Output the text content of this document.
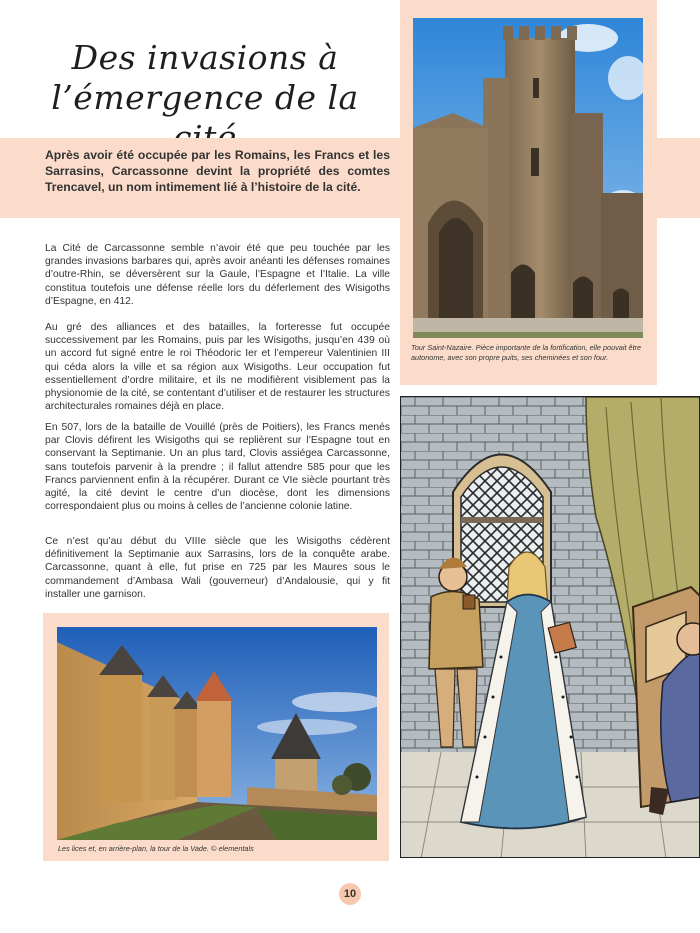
Des invasions à
l’émergence de la
Après avoir été occupée par les Romains, les Francs et les Sarrasins, Carcassonne devint la propriété des comtes Trencavel, un nom intimement lié à l’histoire de la cité.
Tour Saint-Nazaire. Pièce importante de la fortification, elle pouvait être autonome, avec son propre puits, ses cheminées et son four.
La Cité de Carcassonne semble n’avoir été que peu touchée par les grandes invasions barbares qui, après avoir anéanti les défenses romaines d’outre-Rhin, se déversèrent sur la Gaule, l’Espagne et l’Italie. La ville constitua toutefois une défense réelle lors du déferlement des Wisigoths d’Espagne, en 412.
Au gré des alliances et des batailles, la forteresse fut occupée successivement par les Romains, puis par les Wisigoths, jusqu’en 439 où un accord fut signé entre le roi Théodoric Ier et l’empereur Valentinien III qui céda alors la ville et sa région aux Wisigoths. Leur occupation fut essentiellement d’ordre militaire, et ils ne modifièrent visiblement pas la physionomie de la cité, se contentant d’utiliser et de restaurer les structures architecturales romaines déjà en place.
En 507, lors de la bataille de Vouillé (près de Poitiers), les Francs menés par Clovis défirent les Wisigoths qui se replièrent sur l’Espagne tout en conservant la Septimanie. Un an plus tard, Clovis assiégea Carcassonne, sans toutefois parvenir à la prendre ; il fallut attendre 585 pour que les Francs parviennent enfin à la récupérer. Durant ce VIe siècle pourtant très agité, la cité devint le centre d’un diocèse, dont les dimensions correspondaient plus ou moins à celles de l’ancienne colonie latine.
Ce n’est qu’au début du VIIIe siècle que les Wisigoths cédèrent définitivement la Septimanie aux Sarrasins, lors de la conquête arabe. Carcassonne, quant à elle, fut prise en 725 par les Maures sous le commandement d’Ambasa Wali (gouverneur) d’Andalousie, qui y fit installer une garnison.
Les lices et, en arrière-plan, la tour de la Vade. © elementals
10
